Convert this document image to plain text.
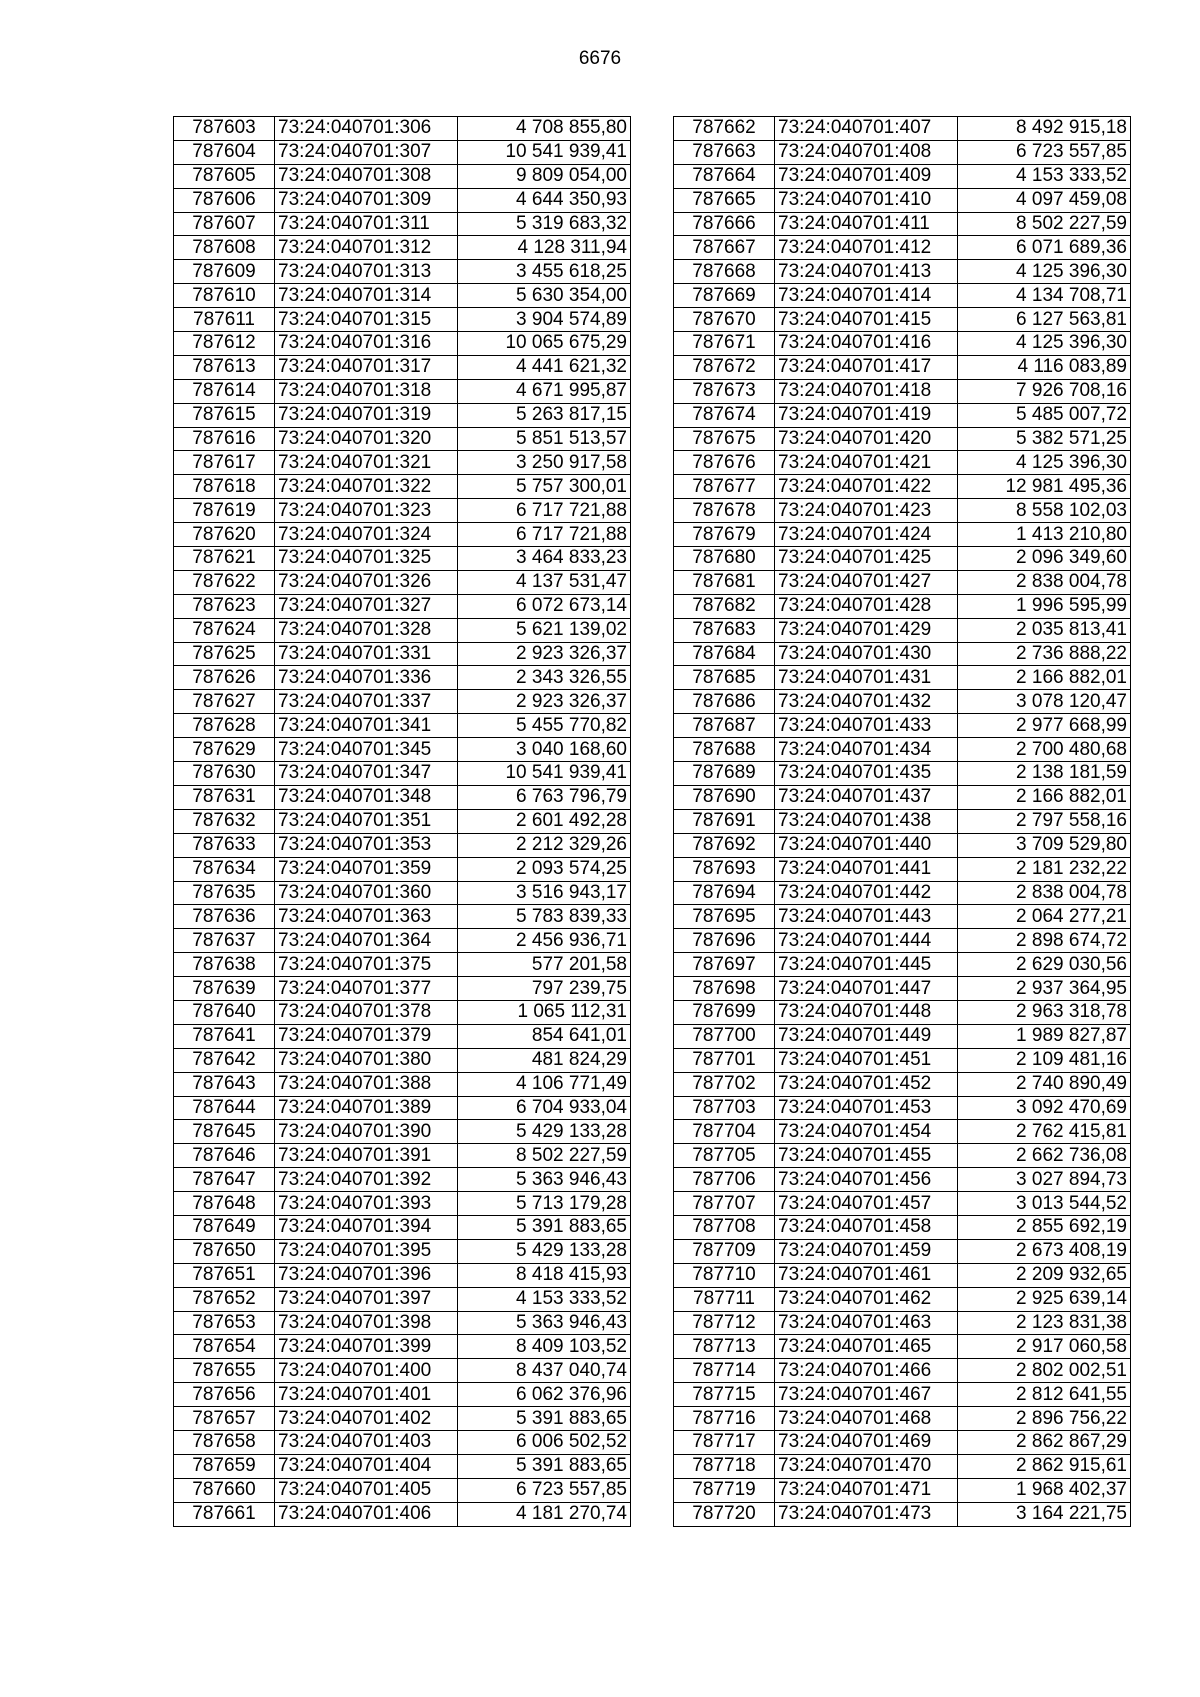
6676
787603	73:24:040701:306	4 708 855,80
787604	73:24:040701:307	10 541 939,41
787605	73:24:040701:308	9 809 054,00
787606	73:24:040701:309	4 644 350,93
787607	73:24:040701:311	5 319 683,32
787608	73:24:040701:312	4 128 311,94
787609	73:24:040701:313	3 455 618,25
787610	73:24:040701:314	5 630 354,00
787611	73:24:040701:315	3 904 574,89
787612	73:24:040701:316	10 065 675,29
787613	73:24:040701:317	4 441 621,32
787614	73:24:040701:318	4 671 995,87
787615	73:24:040701:319	5 263 817,15
787616	73:24:040701:320	5 851 513,57
787617	73:24:040701:321	3 250 917,58
787618	73:24:040701:322	5 757 300,01
787619	73:24:040701:323	6 717 721,88
787620	73:24:040701:324	6 717 721,88
787621	73:24:040701:325	3 464 833,23
787622	73:24:040701:326	4 137 531,47
787623	73:24:040701:327	6 072 673,14
787624	73:24:040701:328	5 621 139,02
787625	73:24:040701:331	2 923 326,37
787626	73:24:040701:336	2 343 326,55
787627	73:24:040701:337	2 923 326,37
787628	73:24:040701:341	5 455 770,82
787629	73:24:040701:345	3 040 168,60
787630	73:24:040701:347	10 541 939,41
787631	73:24:040701:348	6 763 796,79
787632	73:24:040701:351	2 601 492,28
787633	73:24:040701:353	2 212 329,26
787634	73:24:040701:359	2 093 574,25
787635	73:24:040701:360	3 516 943,17
787636	73:24:040701:363	5 783 839,33
787637	73:24:040701:364	2 456 936,71
787638	73:24:040701:375	577 201,58
787639	73:24:040701:377	797 239,75
787640	73:24:040701:378	1 065 112,31
787641	73:24:040701:379	854 641,01
787642	73:24:040701:380	481 824,29
787643	73:24:040701:388	4 106 771,49
787644	73:24:040701:389	6 704 933,04
787645	73:24:040701:390	5 429 133,28
787646	73:24:040701:391	8 502 227,59
787647	73:24:040701:392	5 363 946,43
787648	73:24:040701:393	5 713 179,28
787649	73:24:040701:394	5 391 883,65
787650	73:24:040701:395	5 429 133,28
787651	73:24:040701:396	8 418 415,93
787652	73:24:040701:397	4 153 333,52
787653	73:24:040701:398	5 363 946,43
787654	73:24:040701:399	8 409 103,52
787655	73:24:040701:400	8 437 040,74
787656	73:24:040701:401	6 062 376,96
787657	73:24:040701:402	5 391 883,65
787658	73:24:040701:403	6 006 502,52
787659	73:24:040701:404	5 391 883,65
787660	73:24:040701:405	6 723 557,85
787661	73:24:040701:406	4 181 270,74
787662	73:24:040701:407	8 492 915,18
787663	73:24:040701:408	6 723 557,85
787664	73:24:040701:409	4 153 333,52
787665	73:24:040701:410	4 097 459,08
787666	73:24:040701:411	8 502 227,59
787667	73:24:040701:412	6 071 689,36
787668	73:24:040701:413	4 125 396,30
787669	73:24:040701:414	4 134 708,71
787670	73:24:040701:415	6 127 563,81
787671	73:24:040701:416	4 125 396,30
787672	73:24:040701:417	4 116 083,89
787673	73:24:040701:418	7 926 708,16
787674	73:24:040701:419	5 485 007,72
787675	73:24:040701:420	5 382 571,25
787676	73:24:040701:421	4 125 396,30
787677	73:24:040701:422	12 981 495,36
787678	73:24:040701:423	8 558 102,03
787679	73:24:040701:424	1 413 210,80
787680	73:24:040701:425	2 096 349,60
787681	73:24:040701:427	2 838 004,78
787682	73:24:040701:428	1 996 595,99
787683	73:24:040701:429	2 035 813,41
787684	73:24:040701:430	2 736 888,22
787685	73:24:040701:431	2 166 882,01
787686	73:24:040701:432	3 078 120,47
787687	73:24:040701:433	2 977 668,99
787688	73:24:040701:434	2 700 480,68
787689	73:24:040701:435	2 138 181,59
787690	73:24:040701:437	2 166 882,01
787691	73:24:040701:438	2 797 558,16
787692	73:24:040701:440	3 709 529,80
787693	73:24:040701:441	2 181 232,22
787694	73:24:040701:442	2 838 004,78
787695	73:24:040701:443	2 064 277,21
787696	73:24:040701:444	2 898 674,72
787697	73:24:040701:445	2 629 030,56
787698	73:24:040701:447	2 937 364,95
787699	73:24:040701:448	2 963 318,78
787700	73:24:040701:449	1 989 827,87
787701	73:24:040701:451	2 109 481,16
787702	73:24:040701:452	2 740 890,49
787703	73:24:040701:453	3 092 470,69
787704	73:24:040701:454	2 762 415,81
787705	73:24:040701:455	2 662 736,08
787706	73:24:040701:456	3 027 894,73
787707	73:24:040701:457	3 013 544,52
787708	73:24:040701:458	2 855 692,19
787709	73:24:040701:459	2 673 408,19
787710	73:24:040701:461	2 209 932,65
787711	73:24:040701:462	2 925 639,14
787712	73:24:040701:463	2 123 831,38
787713	73:24:040701:465	2 917 060,58
787714	73:24:040701:466	2 802 002,51
787715	73:24:040701:467	2 812 641,55
787716	73:24:040701:468	2 896 756,22
787717	73:24:040701:469	2 862 867,29
787718	73:24:040701:470	2 862 915,61
787719	73:24:040701:471	1 968 402,37
787720	73:24:040701:473	3 164 221,75
